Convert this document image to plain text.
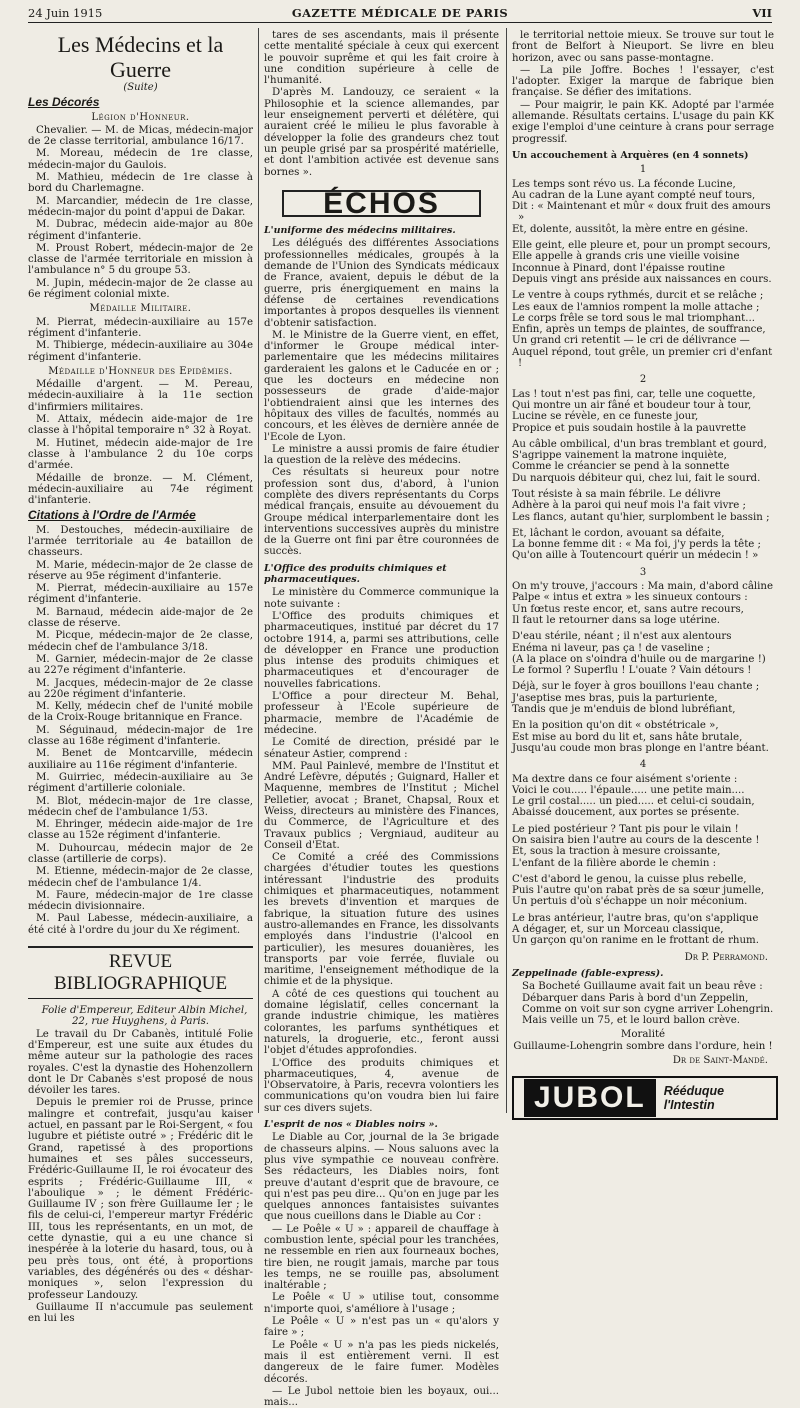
24 Juin 1915	GAZETTE MÉDICALE DE PARIS	VII
Les Médecins et la Guerre
(Suite)
Les Décorés
Légion d'Honneur.

Chevalier. — M. de Micas, médecin-major de 2e classe territorial, ambulance 16/17.

M. Moreau, médecin de 1re classe, médecin-major du Gaulois.

M. Mathieu, médecin de 1re classe à bord du Charlemagne.

M. Marcandier, médecin de 1re classe, médecin-major du point d'appui de Dakar.

M. Dubrac, médecin aide-major au 80e régiment d'infanterie.

M. Proust Robert, médecin-major de 2e classe de l'armée territoriale en mission à l'ambulance n° 5 du groupe 53.

M. Jupin, médecin-major de 2e classe au 6e régiment colonial mixte.

Médaille Militaire.

M. Pierrat, médecin-auxiliaire au 157e régiment d'infanterie.

M. Thibierge, médecin-auxiliaire au 304e régiment d'infanterie.

Médaille d'Honneur des Epidémies.

Médaille d'argent. — M. Pereau, médecin-auxiliaire à la 11e section d'infirmiers militaires.

M. Attaix, médecin aide-major de 1re classe à l'hôpital temporaire n° 32 à Royat.

M. Hutinet, médecin aide-major de 1re classe à l'ambulance 2 du 10e corps d'armée.

Médaille de bronze. — M. Clément, médecin-auxiliaire au 74e régiment d'infanterie.

Citations à l'Ordre de l'Armée

M. Destouches, médecin-auxiliaire de l'armée territoriale au 4e bataillon de chasseurs.

M. Marie, médecin-major de 2e classe de réserve au 95e régiment d'infanterie.

M. Pierrat, médecin-auxiliaire au 157e régiment d'infanterie.

M. Barnaud, médecin aide-major de 2e classe de réserve.

M. Picque, médecin-major de 2e classe, médecin chef de l'ambulance 3/18.

M. Garnier, médecin-major de 2e classe au 227e régiment d'infanterie.

M. Jacques, médecin-major de 2e classe au 220e régiment d'infanterie.

M. Kelly, médecin chef de l'unité mobile de la Croix-Rouge britannique en France.

M. Séguinaud, médecin-major de 1re classe au 168e régiment d'infanterie.

M. Benet de Montcarville, médecin auxiliaire au 116e régiment d'infanterie.

M. Guirriec, médecin-auxiliaire au 3e régiment d'artillerie coloniale.

M. Blot, médecin-major de 1re classe, médecin chef de l'ambulance 1/53.

M. Ehringer, médecin aide-major de 1re classe au 152e régiment d'infanterie.

M. Duhourcau, médecin major de 2e classe (artillerie de corps).

M. Etienne, médecin-major de 2e classe, médecin chef de l'ambulance 1/4.

M. Faure, médecin-major de 1re classe médecin divisionnaire.

M. Paul Labesse, médecin-auxiliaire, a été cité à l'ordre du jour du Xe régiment.

REVUE BIBLIOGRAPHIQUE

Folie d'Empereur, Editeur Albin Michel, 22, rue Huyghens, à Paris.

Le travail du Dr Cabanès, intitulé Folie d'Empereur, est une suite aux études du même auteur sur la pathologie des races royales. C'est la dynastie des Hohenzollern dont le Dr Cabanès s'est proposé de nous dévoiler les tares.

Depuis le premier roi de Prusse, prince malingre et contrefait, jusqu'au kaiser actuel, en passant par le Roi-Sergent, « fou lugubre et piétiste outré » ; Frédéric dit le Grand, rapetissé à des proportions humaines et ses pâles successeurs, Frédéric-Guillaume II, le roi évocateur des esprits ; Frédéric-Guillaume III, « l'aboulique » ; le dément Frédéric-Guillaume IV ; son frère Guillaume Ier ; le fils de celui-ci, l'empereur martyr Frédéric III, tous les représentants, en un mot, de cette dynastie, qui a eu une chance si inespérée à la loterie du hasard, tous, ou à peu près tous, ont été, à proportions variables, des dégénérés ou des « désharmoniques », selon l'expression du professeur Landouzy.

Guillaume II n'accumule pas seulement en lui les

tares de ses ascendants, mais il présente cette mentalité spéciale à ceux qui exercent le pouvoir suprême et qui les fait croire à une condition supérieure à celle de l'humanité.

D'après M. Landouzy, ce seraient « la Philosophie et la science allemandes, par leur enseignement perverti et délétère, qui auraient créé le milieu le plus favorable à développer la folie des grandeurs chez tout un peuple grisé par sa prospérité matérielle, et dont l'ambition activée est devenue sans bornes ».

ÉCHOS
L'uniforme des médecins militaires.

Les délégués des différentes Associations professionnelles médicales, groupés à la demande de l'Union des Syndicats médicaux de France, avaient, depuis le début de la guerre, pris énergiquement en mains la défense de certaines revendications importantes à propos desquelles ils viennent d'obtenir satisfaction.

M. le Ministre de la Guerre vient, en effet, d'informer le Groupe médical inter-parlementaire que les médecins militaires garderaient les galons et le Caducée en or ; que les docteurs en médecine non possesseurs de grade d'aide-major l'obtiendraient ainsi que les internes des hôpitaux des villes de facultés, nommés au concours, et les élèves de dernière année de l'Ecole de Lyon.

Le ministre a aussi promis de faire étudier la question de la relève des médecins.

Ces résultats si heureux pour notre profession sont dus, d'abord, à l'union complète des divers représentants du Corps médical français, ensuite au dévouement du Groupe médical interparlementaire dont les interventions successives auprès du ministre de la Guerre ont fini par être couronnées de succès.

L'Office des produits chimiques et pharmaceutiques.

Le ministère du Commerce communique la note suivante :

L'Office des produits chimiques et pharmaceutiques, institué par décret du 17 octobre 1914, a, parmi ses attributions, celle de développer en France une production plus intense des produits chimiques et pharmaceutiques et d'encourager de nouvelles fabrications.

L'Office a pour directeur M. Behal, professeur à l'Ecole supérieure de pharmacie, membre de l'Académie de médecine.

Le Comité de direction, présidé par le sénateur Astier, comprend :

MM. Paul Painlevé, membre de l'Institut et André Lefèvre, députés ; Guignard, Haller et Maquenne, membres de l'Institut ; Michel Pelletier, avocat ; Branet, Chapsal, Roux et Weiss, directeurs au ministère des Finances, du Commerce, de l'Agriculture et des Travaux publics ; Vergniaud, auditeur au Conseil d'Etat.

Ce Comité a créé des Commissions chargées d'étudier toutes les questions intéressant l'industrie des produits chimiques et pharmaceutiques, notamment les brevets d'invention et marques de fabrique, la situation future des usines austro-allemandes en France, les dissolvants employés dans l'industrie (l'alcool en particulier), les mesures douanières, les transports par voie ferrée, fluviale ou maritime, l'enseignement méthodique de la chimie et de la physique.

A côté de ces questions qui touchent au domaine législatif, celles concernant la grande industrie chimique, les matières colorantes, les parfums synthétiques et naturels, la droguerie, etc., feront aussi l'objet d'études approfondies.

L'Office des produits chimiques et pharmaceutiques, 4, avenue de l'Observatoire, à Paris, recevra volontiers les communications qu'on voudra bien lui faire sur ces divers sujets.

L'esprit de nos « Diables noirs ».

Le Diable au Cor, journal de la 3e brigade de chasseurs alpins. — Nous saluons avec la plus vive sympathie ce nouveau confrère. Ses rédacteurs, les Diables noirs, font preuve d'autant d'esprit que de bravoure, ce qui n'est pas peu dire... Qu'on en juge par les quelques annonces fantaisistes suivantes que nous cueillons dans le Diable au Cor :

— Le Poêle « U » : appareil de chauffage à combustion lente, spécial pour les tranchées, ne ressemble en rien aux fourneaux boches, tire bien, ne rougit jamais, marche par tous les temps, ne se rouille pas, absolument inaltérable ;

Le Poêle « U » utilise tout, consomme n'importe quoi, s'améliore à l'usage ;

Le Poêle « U » n'est pas un « qu'alors y faire » ;

Le Poêle « U » n'a pas les pieds nickelés, mais il est entièrement verni. Il est dangereux de le faire fumer. Modèles décorés.

— Le Jubol nettoie bien les boyaux, oui... mais...

le territorial nettoie mieux. Se trouve sur tout le front de Belfort à Nieuport. Se livre en bleu horizon, avec ou sans passe-montagne.

— La pile Joffre. Boches ! l'essayer, c'est l'adopter. Exiger la marque de fabrique bien française. Se défier des imitations.

— Pour maigrir, le pain KK. Adopté par l'armée allemande. Résultats certains. L'usage du pain KK exige l'emploi d'une ceinture à crans pour serrage progressif.

Un accouchement à Arquères (en 4 sonnets)
1
Les temps sont révo us. La féconde Lucine,
Au cadran de la Lune ayant compté neuf tours,
Dit : « Maintenant et mûr « doux fruit des amours »
Et, dolente, aussitôt, la mère entre en gésine.
Elle geint, elle pleure et, pour un prompt secours,
Elle appelle à grands cris une vieille voisine
Inconnue à Pinard, dont l'épaisse routine
Depuis vingt ans préside aux naissances en cours.
Le ventre à coups rythmés, durcit et se relâche ;
Les eaux de l'amnios rompent la molle attache ;
Le corps frêle se tord sous le mal triomphant...
Enfin, après un temps de plaintes, de souffrance,
Un grand cri retentit — le cri de délivrance —
Auquel répond, tout grêle, un premier cri d'enfant !
2
Las ! tout n'est pas fini, car, telle une coquette,
Qui montre un air fâné et boudeur tour à tour,
Lucine se révèle, en ce funeste jour,
Propice et puis soudain hostile à la pauvrette
Au câble ombilical, d'un bras tremblant et gourd,
S'agrippe vainement la matrone inquiète,
Comme le créancier se pend à la sonnette
Du narquois débiteur qui, chez lui, fait le sourd.
Tout résiste à sa main fébrile. Le délivre
Adhère à la paroi qui neuf mois l'a fait vivre ;
Les flancs, autant qu'hier, surplombent le bassin ;
Et, lâchant le cordon, avouant sa défaite,
La bonne femme dit : « Ma foi, j'y perds la tête ;
Qu'on aille à Toutencourt quérir un médecin ! »
3
On m'y trouve, j'accours : Ma main, d'abord câline
Palpe « intus et extra » les sinueux contours :
Un fœtus reste encor, et, sans autre recours,
Il faut le retourner dans sa loge utérine.
D'eau stérile, néant ; il n'est aux alentours
Enéma ni laveur, pas ça ! de vaseline ;
(A la place on s'oindra d'huile ou de margarine !)
Le formol ? Superflu ! L'ouate ? Vain détours !
Déjà, sur le foyer à gros bouillons l'eau chante ;
J'aseptise mes bras, puis la parturiente,
Tandis que je m'enduis de blond lubréfiant,
En la position qu'on dit « obstétricale »,
Est mise au bord du lit et, sans hâte brutale,
Jusqu'au coude mon bras plonge en l'antre béant.
4
Ma dextre dans ce four aisément s'oriente :
Voici le cou..... l'épaule..... une petite main....
Le gril costal..... un pied..... et celui-ci soudain,
Abaissé doucement, aux portes se présente.
Le pied postérieur ? Tant pis pour le vilain !
On saisira bien l'autre au cours de la descente !
Et, sous la traction à mesure croissante,
L'enfant de la filière aborde le chemin :
C'est d'abord le genou, la cuisse plus rebelle,
Puis l'autre qu'on rabat près de sa sœur jumelle,
Un pertuis d'où s'échappe un noir méconium.
Le bras antérieur, l'autre bras, qu'on s'applique
A dégager, et, sur un Morceau classique,
Un garçon qu'on ranime en le frottant de rhum.
Dr P. Perramond.
Zeppelinade (fable-express).
Sa Bocheté Guillaume avait fait un beau rêve :
Débarquer dans Paris à bord d'un Zeppelin,
Comme on voit sur son cygne arriver Lohengrin.
Mais veille un 75, et le lourd ballon crève.
Moralité
Guillaume-Lohengrin sombre dans l'ordure, hein !
Dr de Saint-Mandé.
JUBOL	Rééduque
l'Intestin
